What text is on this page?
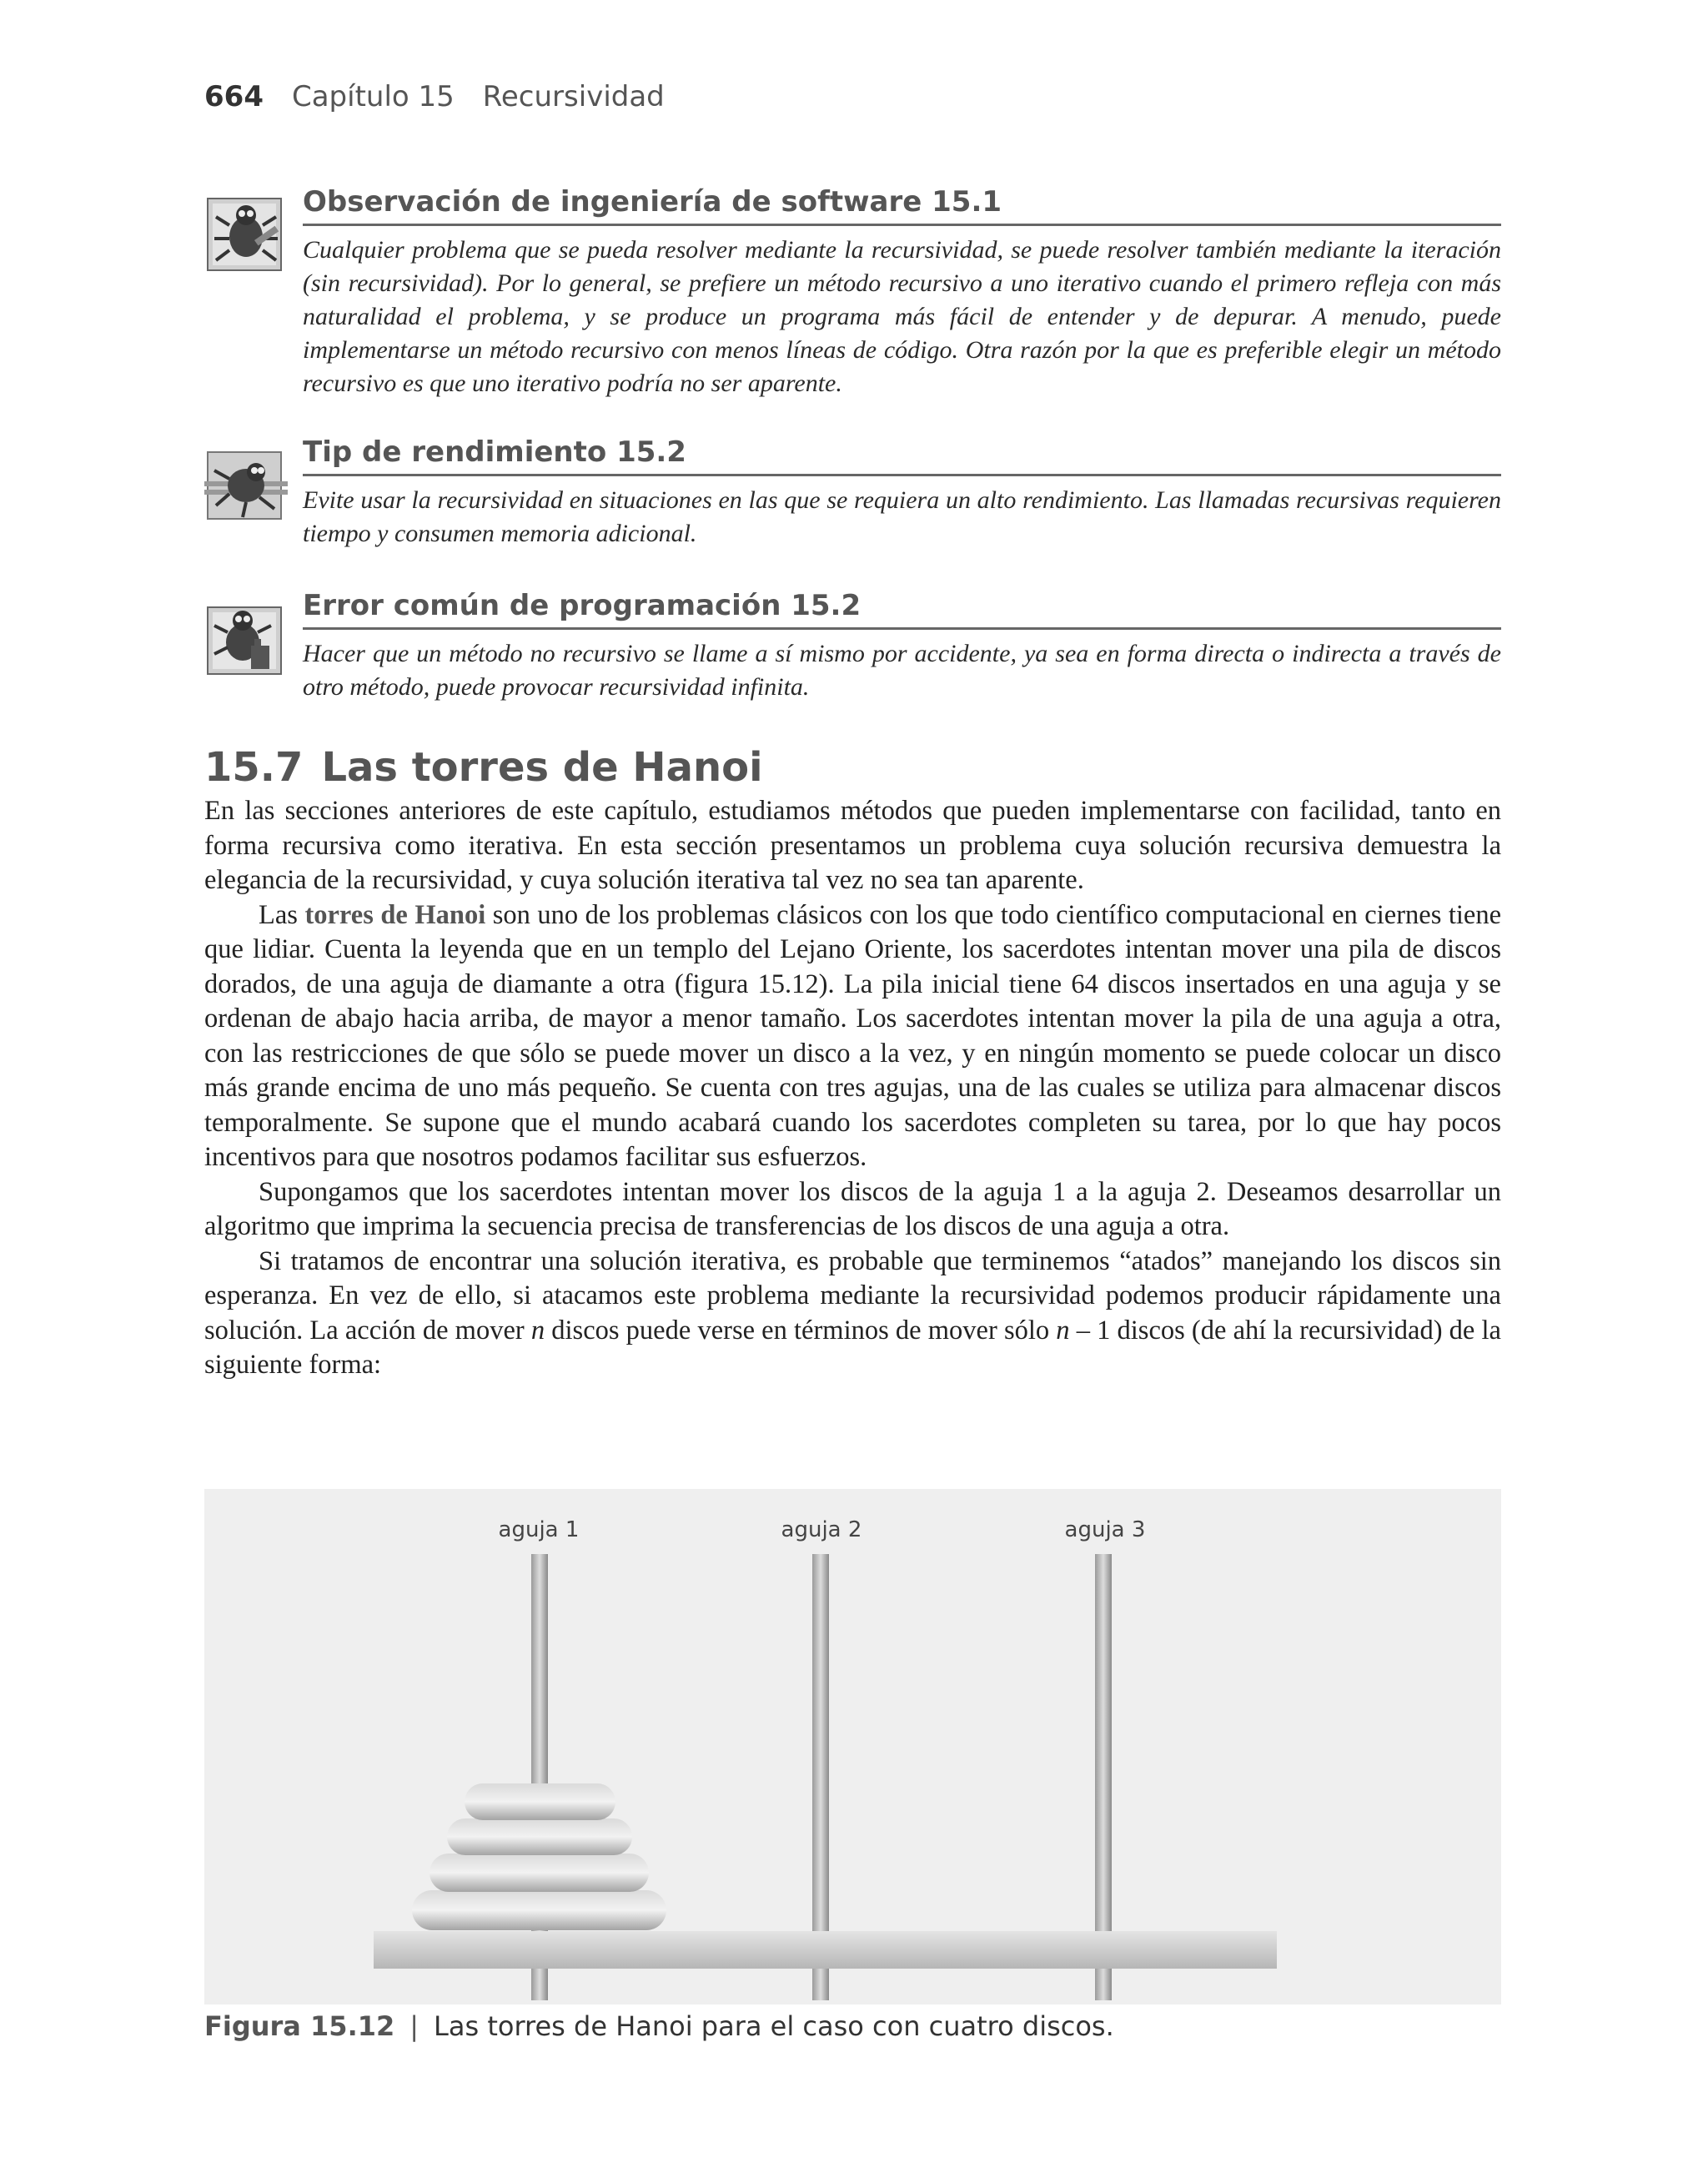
664 Capítulo 15 Recursividad
Observación de ingeniería de software 15.1
Cualquier problema que se pueda resolver mediante la recursividad, se puede resolver también mediante la iteración (sin recursividad). Por lo general, se prefiere un método recursivo a uno iterativo cuando el primero refleja con más naturalidad el problema, y se produce un programa más fácil de entender y de depurar. A menudo, puede implementarse un método recursivo con menos líneas de código. Otra razón por la que es preferible elegir un método recursivo es que uno iterativo podría no ser aparente.
Tip de rendimiento 15.2
Evite usar la recursividad en situaciones en las que se requiera un alto rendimiento. Las llamadas recursivas requieren tiempo y consumen memoria adicional.
Error común de programación 15.2
Hacer que un método no recursivo se llame a sí mismo por accidente, ya sea en forma directa o indirecta a través de otro método, puede provocar recursividad infinita.
15.7 Las torres de Hanoi

En las secciones anteriores de este capítulo, estudiamos métodos que pueden implementarse con facilidad, tanto en forma recursiva como iterativa. En esta sección presentamos un problema cuya solución recursiva demuestra la elegancia de la recursividad, y cuya solución iterativa tal vez no sea tan aparente.

Las torres de Hanoi son uno de los problemas clásicos con los que todo científico computacional en ciernes tiene que lidiar. Cuenta la leyenda que en un templo del Lejano Oriente, los sacerdotes intentan mover una pila de discos dorados, de una aguja de diamante a otra (figura 15.12). La pila inicial tiene 64 discos insertados en una aguja y se ordenan de abajo hacia arriba, de mayor a menor tamaño. Los sacerdotes intentan mover la pila de una aguja a otra, con las restricciones de que sólo se puede mover un disco a la vez, y en ningún momento se puede colocar un disco más grande encima de uno más pequeño. Se cuenta con tres agujas, una de las cuales se utiliza para almacenar discos temporalmente. Se supone que el mundo acabará cuando los sacerdotes completen su tarea, por lo que hay pocos incentivos para que nosotros podamos facilitar sus esfuerzos.

Supongamos que los sacerdotes intentan mover los discos de la aguja 1 a la aguja 2. Deseamos desarrollar un algoritmo que imprima la secuencia precisa de transferencias de los discos de una aguja a otra.

Si tratamos de encontrar una solución iterativa, es probable que terminemos “atados” manejando los discos sin esperanza. En vez de ello, si atacamos este problema mediante la recursividad podemos producir rápidamente una solución. La acción de mover n discos puede verse en términos de mover sólo n – 1 discos (de ahí la recursividad) de la siguiente forma:

aguja 1	aguja 2	aguja 3
Figura 15.12 | Las torres de Hanoi para el caso con cuatro discos.
